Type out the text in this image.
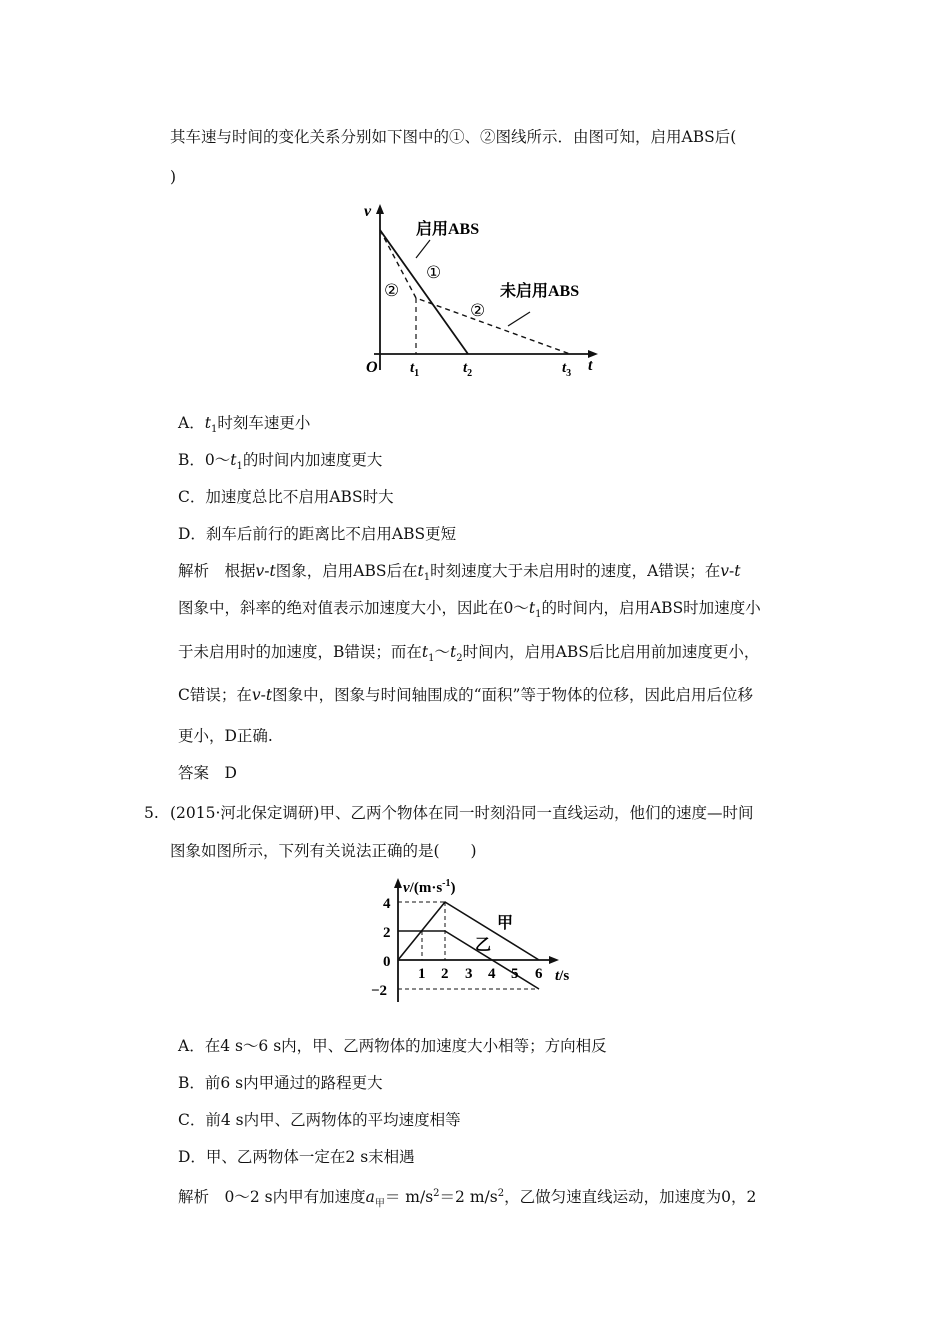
其车速与时间的变化关系分别如下图中的①、②图线所示．由图可知，启用ABS后(
)
v
t
O $t_1$	$t_2$	$t_3$
启用ABS
未启用ABS
①
②
②
A．$t_1$时刻车速更小
B．$0\sim t_1$的时间内加速度更大
C．加速度总比不启用ABS时大
D．刹车后前行的距离比不启用ABS更短
解析　根据v-t图象，启用ABS后在$t_1$时刻速度大于未启用时的速度，A错误；在v-t
图象中，斜率的绝对值表示加速度大小，因此在$0\sim t_1$的时间内，启用ABS时加速度小
于未启用时的加速度，B错误；而在$t_1\sim t_2$时间内，启用ABS后比启用前加速度更小，
C错误；在v-t图象中，图象与时间轴围成的“面积”等于物体的位移，因此启用后位移
更小，D正确.
答案　D
5. (2015·河北保定调研)甲、乙两个物体在同一时刻沿同一直线运动，他们的速度—时间
图象如图所示，下列有关说法正确的是(　　)
4
2
0
−2
1 2 3 4 5 6
$v/(m\cdot s^{-1})$
t/s
甲
乙
A．在4 s～6 s内，甲、乙两物体的加速度大小相等；方向相反
B．前6 s内甲通过的路程更大
C．前4 s内甲、乙两物体的平均速度相等
D．甲、乙两物体一定在2 s末相遇
解析　0～2 s内甲有加速度$a_甲= m/s^2=2$ $m/s^2$，乙做匀速直线运动，加速度为0，2
